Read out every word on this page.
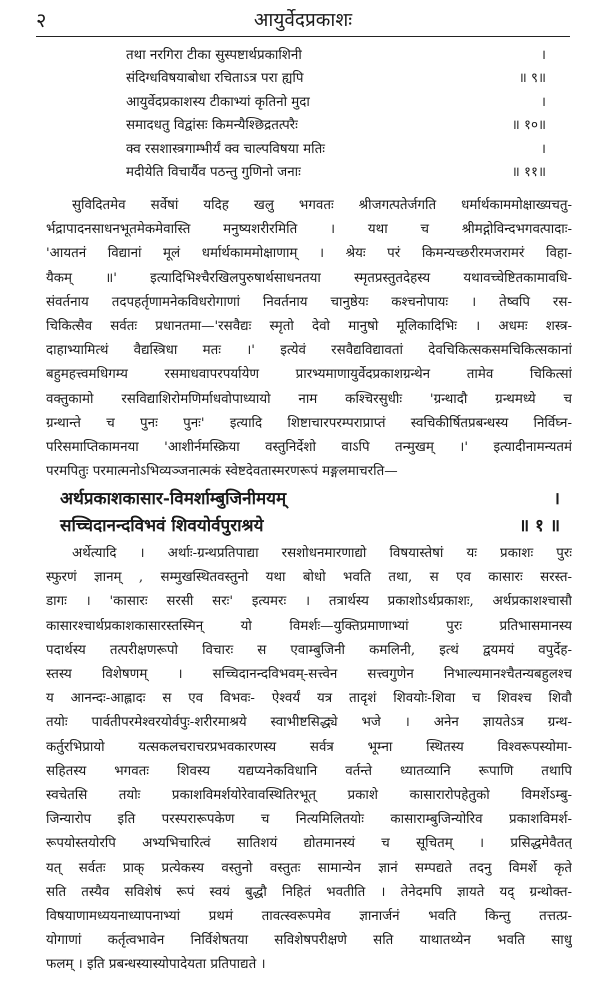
२	आयुर्वेदप्रकाशः
तथा नरगिरा टीका सुस्पष्टार्थप्रकाशिनी	।
संदिग्धविषयाबोधा रचिताऽत्र परा ह्यपि	॥ ९॥
आयुर्वेदप्रकाशस्य टीकाभ्यां कृतिनो मुदा	।
समादधतु विद्वांसः किमन्यैश्छिद्रतत्परैः	॥ १०॥
क्व रसशास्त्रगाम्भीर्यं क्व चाल्पविषया मतिः	।
मदीयेति विचार्यैव पठन्तु गुणिनो जनाः	॥ ११॥
सुविदितमेव सर्वेषां यदिह खलु भगवतः श्रीजगत्पतेर्जगति धर्मार्थकाममोक्षाख्यचतु-
र्भद्रापादनसाधनभूतमेकमेवास्ति मनुष्यशरीरमिति । यथा च श्रीमद्गोविन्दभगवत्पादाः-
'आयतनं विद्यानां मूलं धर्मार्थकाममोक्षाणाम् । श्रेयः परं किमन्यच्छरीरमजरामरं विहा-
यैकम् ॥' इत्यादिभिश्चैरखिलपुरुषार्थसाधनतया स्मृतप्रस्तुतदेहस्य यथावच्चेष्टितकामावधि-
संवर्तनाय तदपहर्तृणामनेकविधरोगाणां निवर्तनाय चानुष्ठेयः कश्चनोपायः । तेष्वपि रस-
चिकित्सैव सर्वतः प्रधानतमा—'रसवैद्यः स्मृतो देवो मानुषो मूलिकादिभिः । अधमः शस्त्र-
दाहाभ्यामित्थं वैद्यस्त्रिधा मतः ।' इत्येवं रसवैद्यविद्यावतां देवचिकित्सकसमचिकित्सकानां
बहुमहत्त्वमधिगम्य रसमाधवापरपर्यायेण प्रारभ्यमाणायुर्वेदप्रकाशग्रन्थेन तामेव चिकित्सां
वक्तुकामो रसविद्याशिरोमणिर्माधवोपाध्यायो नाम कश्चिरसुधीः 'ग्रन्थादौ ग्रन्थमध्ये च
ग्रन्थान्ते च पुनः पुनः' इत्यादि शिष्टाचारपरम्पराप्राप्तं स्वचिकीर्षितप्रबन्धस्य निर्विघ्न-
परिसमाप्तिकामनया 'आशीर्नमस्क्रिया वस्तुनिर्देशो वाऽपि तन्मुखम् ।' इत्यादीनामन्यतमं
परमपितुः परमात्मनोऽभिव्यञ्जनात्मकं स्वेष्टदेवतास्मरणरूपं मङ्गलमाचरति—
अर्थप्रकाशकासार-विमर्शाम्बुजिनीमयम्	।
सच्चिदानन्दविभवं शिवयोर्वपुराश्रये	॥ १ ॥
अर्थेत्यादि । अर्थाः-ग्रन्थप्रतिपाद्या रसशोधनमारणाद्यो विषयास्तेषां यः प्रकाशः पुरः
स्फुरणं ज्ञानम् , सम्मुखस्थितवस्तुनो यथा बोधो भवति तथा, स एव कासारः सरस्त-
डागः । 'कासारः सरसी सरः' इत्यमरः । तत्रार्थस्य प्रकाशोऽर्थप्रकाशः, अर्थप्रकाशश्चासौ
कासारश्चार्थप्रकाशकासारस्तस्मिन् यो विमर्शः—युक्तिप्रमाणाभ्यां पुरः प्रतिभासमानस्य
पदार्थस्य तत्परीक्षणरूपो विचारः स एवाम्बुजिनी कमलिनी, इत्थं द्वयमयं वपुर्देह-
स्तस्य विशेषणम् । सच्चिदानन्दविभवम्-सत्त्वेन सत्त्वगुणेन निभाल्यमानश्चैतन्यबहुलश्च
य आनन्दः-आह्लादः स एव विभवः- ऐश्वर्यं यत्र तादृशं शिवयोः-शिवा च शिवश्च शिवौ
तयोः पार्वतीपरमेश्वरयोर्वपुः-शरीरमाश्रये स्वाभीष्टसिद्ध्ये भजे । अनेन ज्ञायतेऽत्र ग्रन्थ-
कर्तुरभिप्रायो यत्सकलचराचरप्रभवकारणस्य सर्वत्र भूम्ना स्थितस्य विश्वरूपस्योमा-
सहितस्य भगवतः शिवस्य यद्यप्यनेकविधानि वर्तन्ते ध्यातव्यानि रूपाणि तथापि
स्वचेतसि तयोः प्रकाशविमर्शयोरेवावस्थितिरभूत् प्रकाशे कासारारोपहेतुको विमर्शेऽम्बु-
जिन्यारोप इति परस्परारूपकेण च नित्यमिलितयोः कासाराम्बुजिन्योरिव प्रकाशविमर्श-
रूपयोस्तयोरपि अभ्यभिचारित्वं सातिशयं द्योतमानस्यं च सूचितम् । प्रसिद्धमेवैतत्
यत् सर्वतः प्राक् प्रत्येकस्य वस्तुनो वस्तुतः सामान्येन ज्ञानं सम्पद्यते तदनु विमर्शे कृते
सति तस्यैव सविशेषं रूपं स्वयं बुद्धौ निहितं भवतीति । तेनेदमपि ज्ञायते यद् ग्रन्थोक्त-
विषयाणामध्ययनाध्यापनाभ्यां प्रथमं तावत्स्वरूपमेव ज्ञानार्जनं भवति किन्तु तत्तत्प्र-
योगाणां कर्तृत्वभावेन निर्विशेषतया सविशेषपरीक्षणे सति याथातथ्येन भवति साधु
फलम् । इति प्रबन्धस्यास्योपादेयता प्रतिपाद्यते ।
